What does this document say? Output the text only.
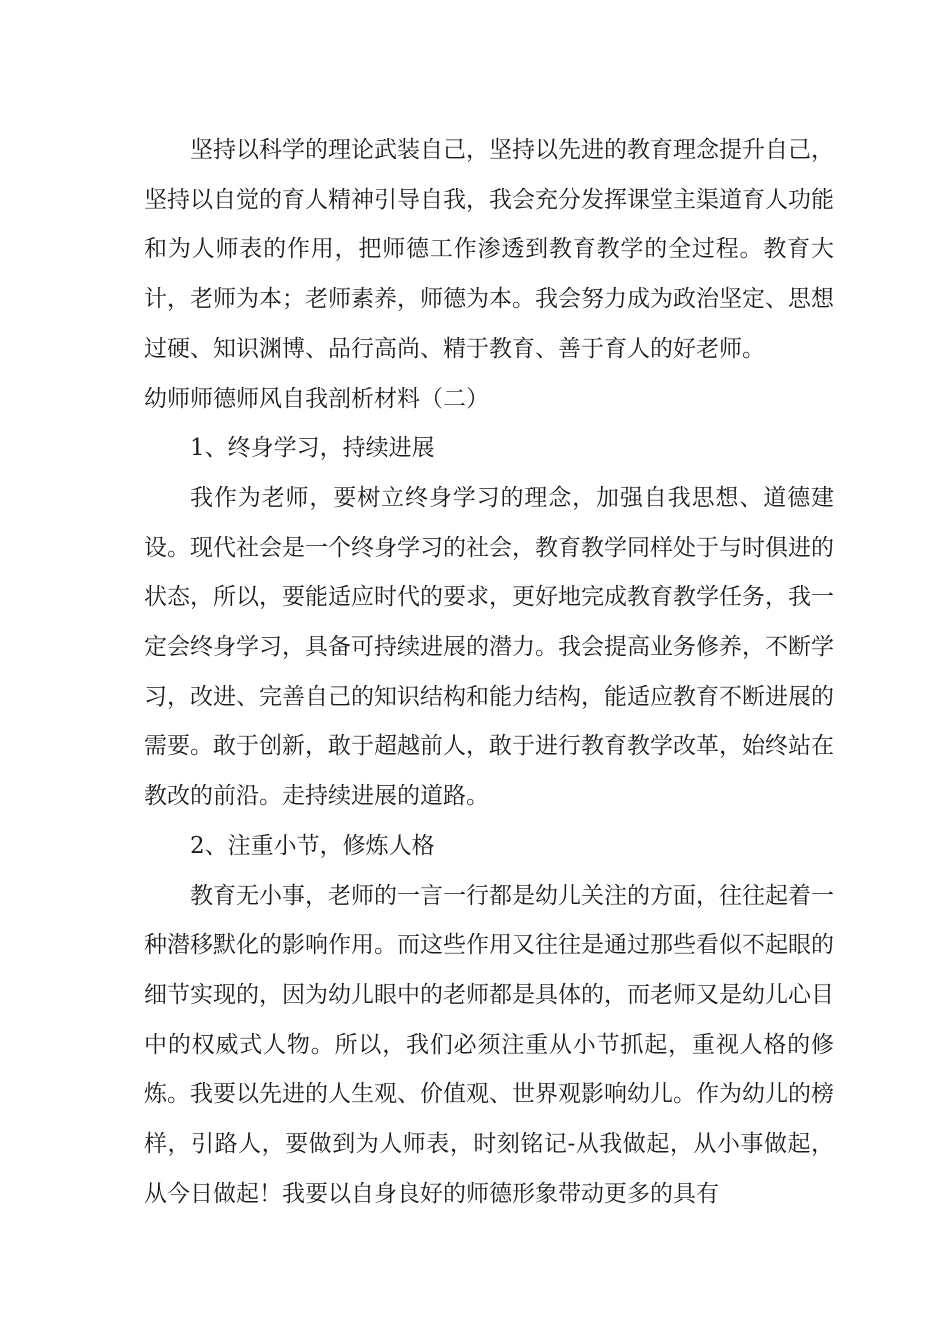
坚持以科学的理论武装自己，坚持以先进的教育理念提升自己，坚持以自觉的育人精神引导自我，我会充分发挥课堂主渠道育人功能和为人师表的作用，把师德工作渗透到教育教学的全过程。教育大计，老师为本；老师素养，师德为本。我会努力成为政治坚定、思想过硬、知识渊博、品行高尚、精于教育、善于育人的好老师。

幼师师德师风自我剖析材料（二）

1、终身学习，持续进展

我作为老师，要树立终身学习的理念，加强自我思想、道德建设。现代社会是一个终身学习的社会，教育教学同样处于与时俱进的状态，所以，要能适应时代的要求，更好地完成教育教学任务，我一定会终身学习，具备可持续进展的潜力。我会提高业务修养，不断学习，改进、完善自己的知识结构和能力结构，能适应教育不断进展的需要。敢于创新，敢于超越前人，敢于进行教育教学改革，始终站在教改的前沿。走持续进展的道路。

2、注重小节，修炼人格

教育无小事，老师的一言一行都是幼儿关注的方面，往往起着一种潜移默化的影响作用。而这些作用又往往是通过那些看似不起眼的细节实现的，因为幼儿眼中的老师都是具体的，而老师又是幼儿心目中的权威式人物。所以，我们必须注重从小节抓起，重视人格的修炼。我要以先进的人生观、价值观、世界观影响幼儿。作为幼儿的榜样，引路人，要做到为人师表，时刻铭记-从我做起，从小事做起，从今日做起！我要以自身良好的师德形象带动更多的具有
